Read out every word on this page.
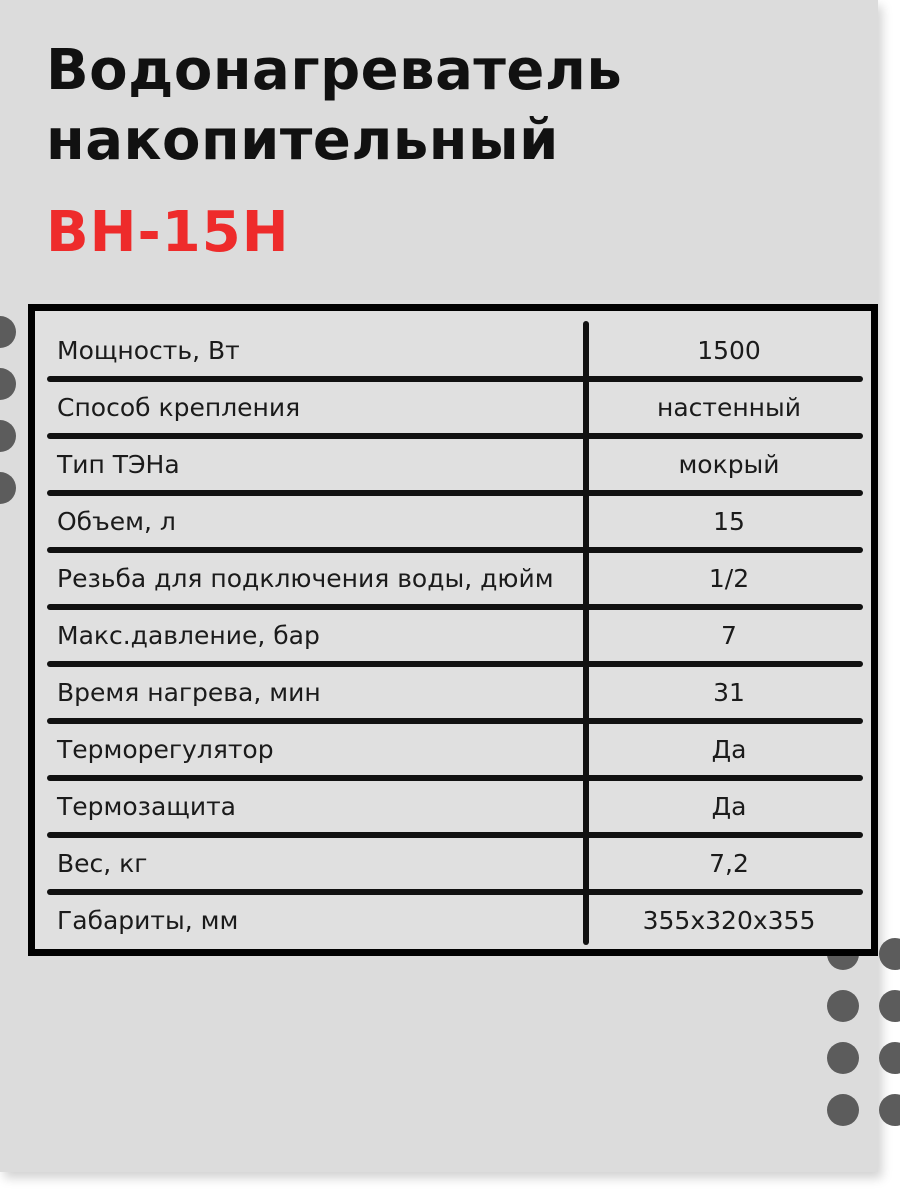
Водонагреватель
накопительный
ВН-15Н
Мощность, Вт	1500
Способ крепления	настенный
Тип ТЭНа	мокрый
Объем, л	15
Резьба для подключения воды, дюйм	1/2
Макс.давление, бар	7
Время нагрева, мин	31
Терморегулятор	Да
Термозащита	Да
Вес, кг	7,2
Габариты, мм	355х320х355
